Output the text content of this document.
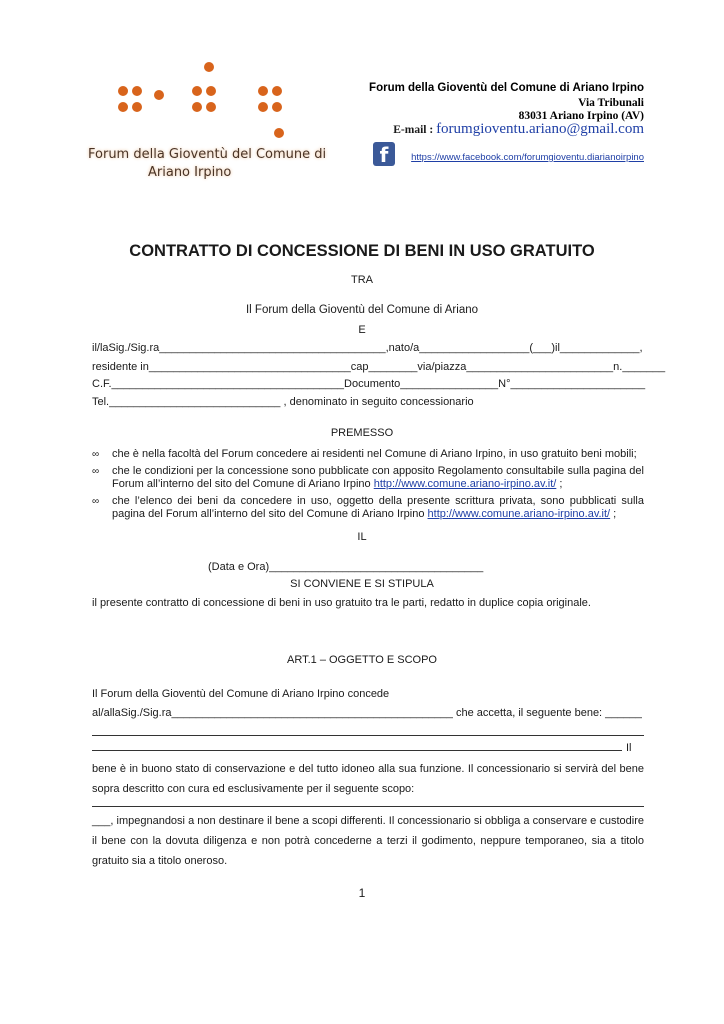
Forum della Gioventù del Comune di
Ariano Irpino
Forum della Gioventù del Comune di Ariano Irpino
Via Tribunali
83031 Ariano Irpino (AV)
E-mail : forumgioventu.ariano@gmail.com
f	https://www.facebook.com/forumgioventu.diarianoirpino
CONTRATTO DI CONCESSIONE DI BENI IN USO GRATUITO
TRA
Il Forum della Gioventù del Comune di Ariano
E
il/laSig./Sig.ra_____________________________________,nato/a__________________(___)il_____________,
residente in_________________________________cap________via/piazza________________________n._______
C.F.______________________________________Documento________________N°______________________
Tel.____________________________ , denominato in seguito concessionario
PREMESSO
∞	che è nella facoltà del Forum concedere ai residenti nel Comune di Ariano Irpino, in uso gratuito beni mobili;
∞	che le condizioni per la concessione sono pubblicate con apposito Regolamento consultabile sulla pagina del Forum all’interno del sito del Comune di Ariano Irpino http://www.comune.ariano-irpino.av.it/ ;
∞	che l’elenco dei beni da concedere in uso, oggetto della presente scrittura privata, sono pubblicati sulla pagina del Forum all’interno del sito del Comune di Ariano Irpino http://www.comune.ariano-irpino.av.it/ ;
IL
(Data e Ora)___________________________________
SI CONVIENE E SI STIPULA
il presente contratto di concessione di beni in uso gratuito tra le parti, redatto in duplice copia originale.
ART.1 – OGGETTO E SCOPO
Il Forum della Gioventù del Comune di Ariano Irpino concede
al/allaSig./Sig.ra______________________________________________ che accetta, il seguente bene: ______
Il
bene è in buono stato di conservazione e del tutto idoneo alla sua funzione. Il concessionario si servirà del bene sopra descritto con cura ed esclusivamente per il seguente scopo:
___, impegnandosi a non destinare il bene a scopi differenti. Il concessionario si obbliga a conservare e custodire il bene con la dovuta diligenza e non potrà concederne a terzi il godimento, neppure temporaneo, sia a titolo gratuito sia a titolo oneroso.
1
